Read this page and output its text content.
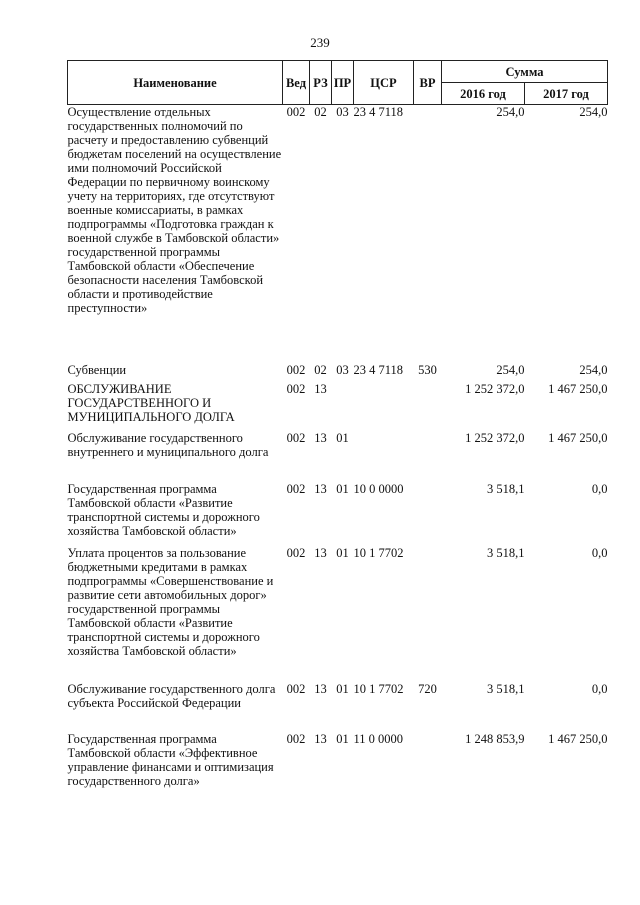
239
Наименование	Вед	РЗ	ПР	ЦСР	ВР	Сумма	
						2016 год	2017 год
Осуществление отдельных государственных полномочий по расчету и предоставлению субвенций бюджетам поселений на осуществление ими полномочий Российской Федерации по первичному воинскому учету на территориях, где отсутствуют военные комиссариаты, в рамках подпрограммы «Подготовка граждан к военной службе в Тамбовской области» государственной программы Тамбовской области «Обеспечение безопасности населения Тамбовской области и противодействие преступности»	002	02	03	23 4 7118		254,0	254,0
Субвенции	002	02	03	23 4 7118	530	254,0	254,0
ОБСЛУЖИВАНИЕ ГОСУДАРСТВЕННОГО И МУНИЦИПАЛЬНОГО ДОЛГА	002	13				1 252 372,0	1 467 250,0
Обслуживание государственного внутреннего и муниципального долга	002	13	01			1 252 372,0	1 467 250,0
Государственная программа Тамбовской области «Развитие транспортной системы и дорожного хозяйства Тамбовской области»	002	13	01	10 0 0000		3 518,1	0,0
Уплата процентов за пользование бюджетными кредитами в рамках подпрограммы «Совершенствование и развитие сети автомобильных дорог» государственной программы Тамбовской области «Развитие транспортной системы и дорожного хозяйства Тамбовской области»	002	13	01	10 1 7702		3 518,1	0,0
Обслуживание государственного долга субъекта Российской Федерации	002	13	01	10 1 7702	720	3 518,1	0,0
Государственная программа Тамбовской области «Эффективное управление финансами и оптимизация государственного долга»	002	13	01	11 0 0000		1 248 853,9	1 467 250,0
